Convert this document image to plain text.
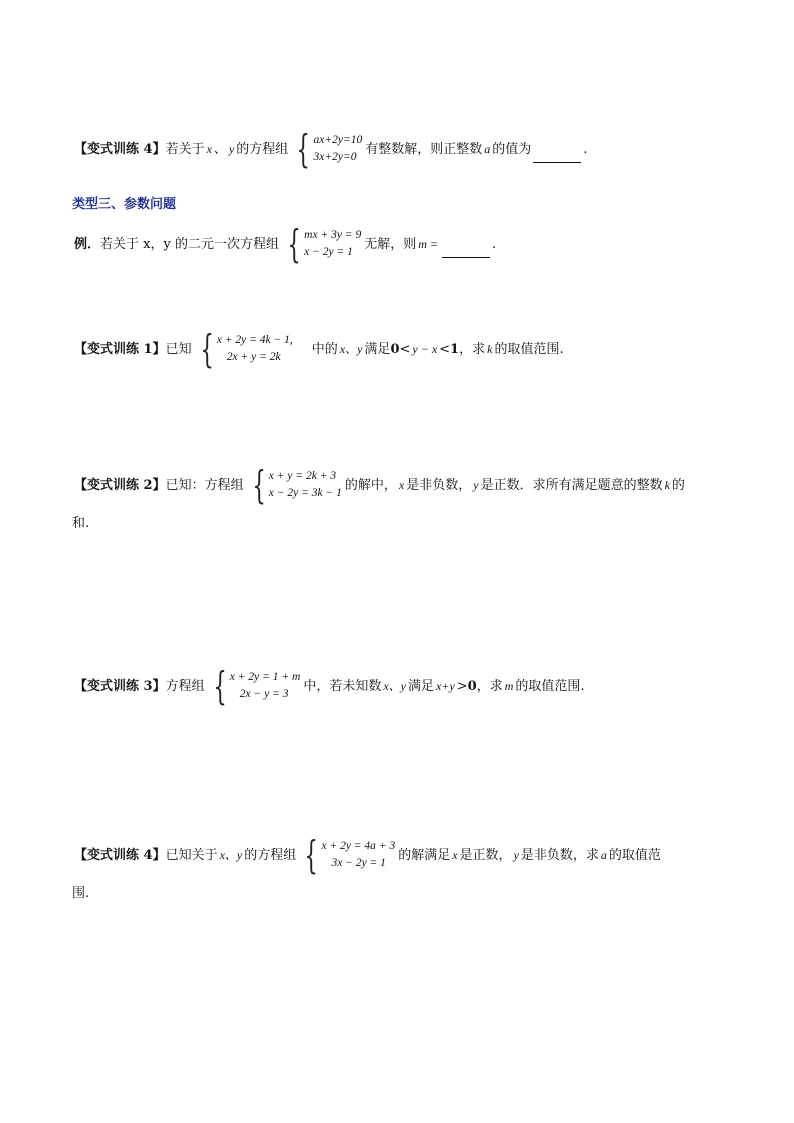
【变式训练 4】 若关于 x 、 y 的方程组 { ax+2y=10
3x+2y=0
有整数解，则正整数 a 的值为	.
类型三、参数问题
例． 若关于 x，y 的二元一次方程组 { mx + 3y = 9
x − 2y = 1
无解，则 m =	.
【变式训练 1】 已知 { x + 2y = 4k − 1,
2x + y = 2k
中的 x、y 满足 0 < y − x < 1 ，求 k 的取值范围.
【变式训练 2】 已知：方程组 { x + y = 2k + 3
x − 2y = 3k − 1
的解中， x 是非负数， y 是正数．求所有满足题意的整数 k 的
和.
【变式训练 3】 方程组 { x + 2y = 1 + m
2x − y = 3
中，若未知数 x、y 满足 x+y > 0 ，求 m 的取值范围.
【变式训练 4】 已知关于 x、y 的方程组 { x + 2y = 4a + 3
3x − 2y = 1
的解满足 x 是正数， y 是非负数，求 a 的取值范
围.
